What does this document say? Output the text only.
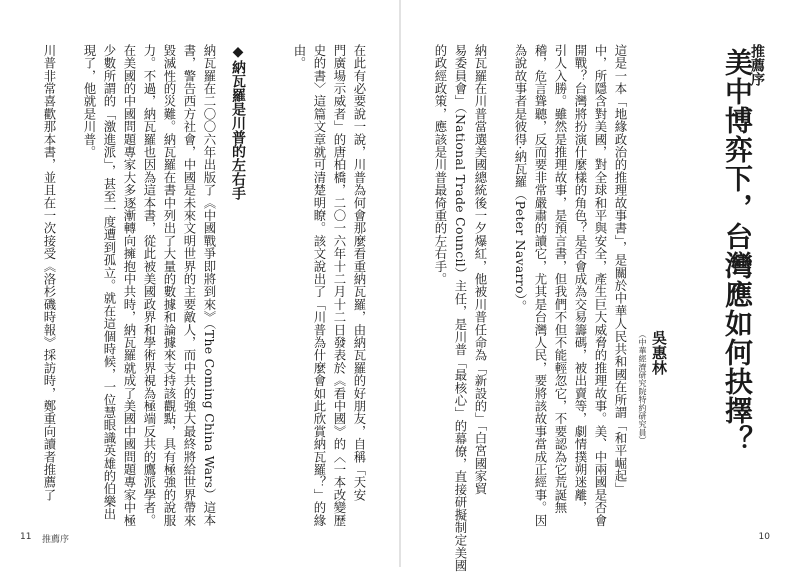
在此有必要說一說，川普為何會那麼看重納瓦羅，由納瓦羅的好朋友，自稱「天安

門廣場示威者」的唐柏橋，二〇一六年十二月十二日發表於《看中國》的〈一本改變歷

史的書〉這篇文章就可清楚明瞭。該文說出了「川普為什麼會如此欣賞納瓦羅？」的緣

由。

◆納瓦羅是川普的左右手

納瓦羅在二〇〇六年出版了《中國戰爭即將到來》（The Coming China Wars）這本

書，警告西方社會，中國是未來文明世界的主要敵人，而中共的強大最終將給世界帶來

毀滅性的災難。納瓦羅在書中列出了大量的數據和論據來支持該觀點，具有極強的說服

力。不過，納瓦羅也因為這本書，從此被美國政界和學術界視為極端反共的鷹派學者。

在美國的中國問題專家大多逐漸轉向擁抱中共時，納瓦羅就成了美國中國問題專家中極

少數所謂的「激進派」，甚至一度遭到孤立。就在這個時候，一位慧眼識英雄的伯樂出

現了，他就是川普。

川普非常喜歡那本書，並且在一次接受《洛杉磯時報》採訪時，鄭重向讀者推薦了

11 推薦序
推薦序
美中博弈下，台灣應如何抉擇？
吳惠林
（中華經濟研究院特約研究員）

這是一本「地緣政治的推理故事書」，是關於中華人民共和國在所謂「和平崛起」

中，所隱含對美國，對全球和平與安全，產生巨大威脅的推理故事。美、中兩國是否會

開戰？台灣將扮演什麼樣的角色？是否會成為交易籌碼，被出賣等，劇情撲朔迷離，

引人入勝。雖然是推理故事，是預言書，但我們不但不能輕忽它，不要認為它荒誕無

稽，危言聳聽，反而要非常嚴肅的讀它，尤其是台灣人民，要將該故事當成正經事。因

為說故事者是彼得·納瓦羅（Peter Navarro）。

納瓦羅在川普當選美國總統後一夕爆紅，他被川普任命為「新設的」「白宮國家貿

易委員會」（National Trade Council）主任，是川普「最核心」的幕僚，直接研擬制定美國

的政經政策，應該是川普最倚重的左右手。

10
